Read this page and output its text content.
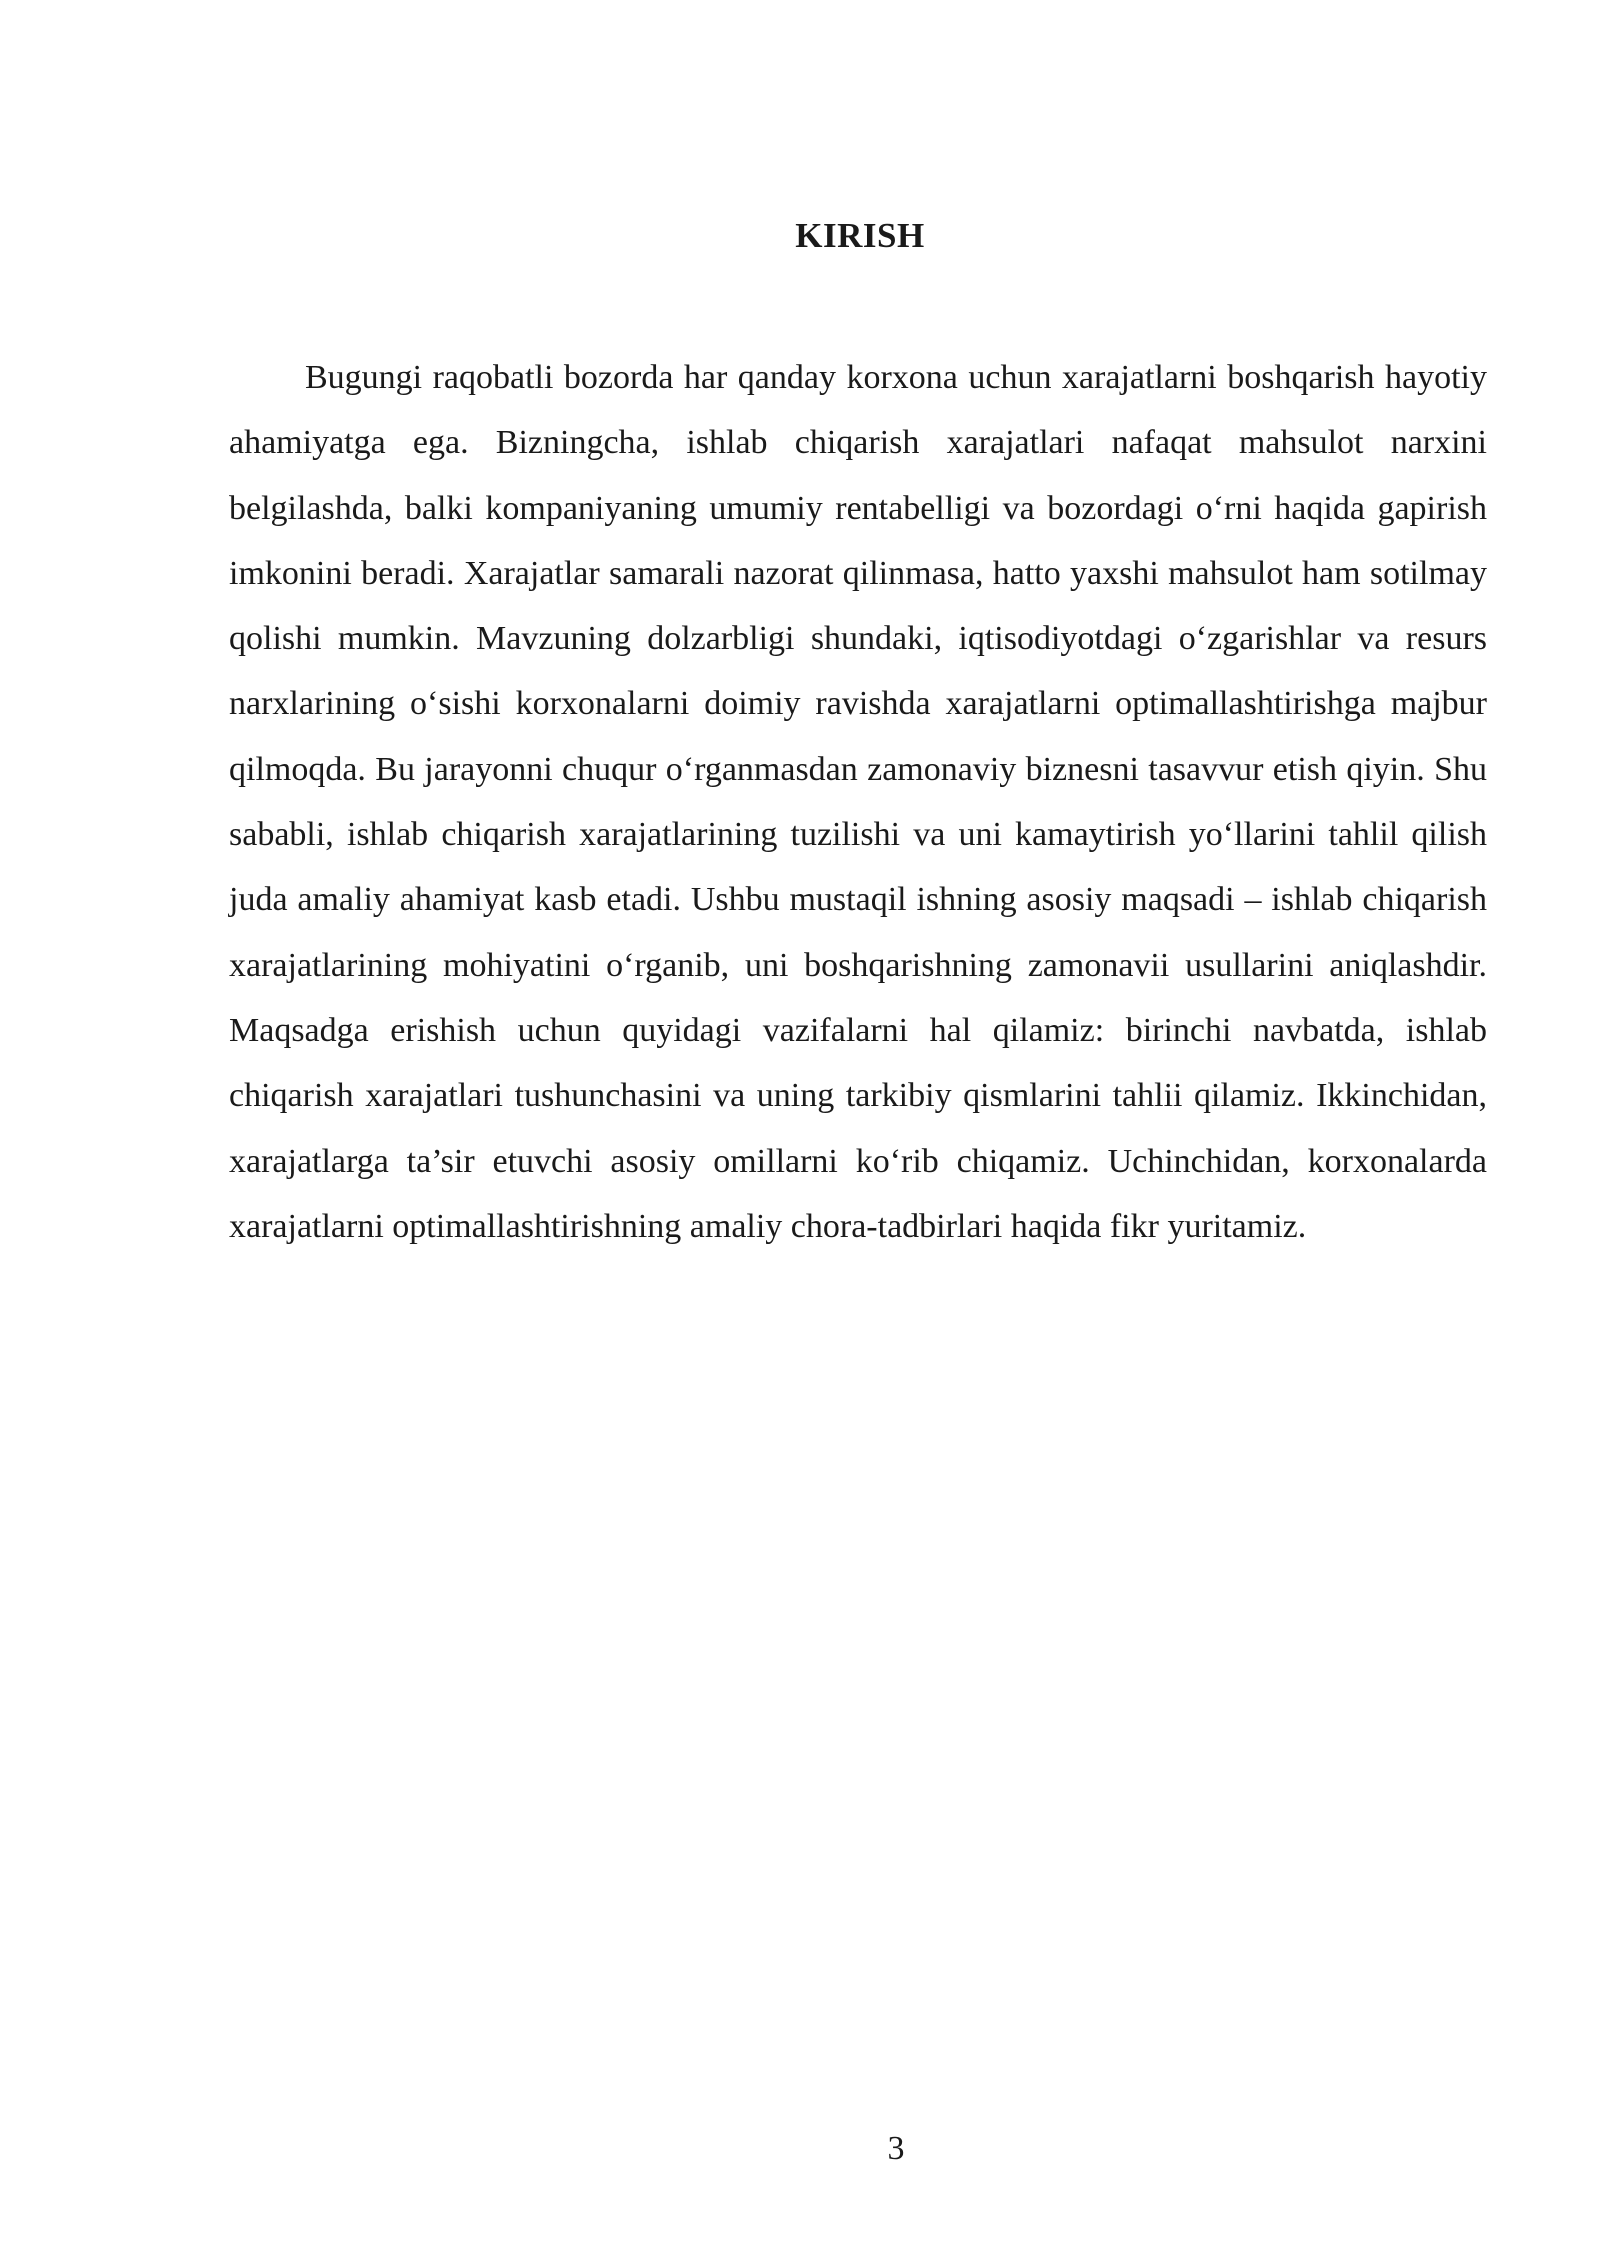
KIRISH

Bugungi raqobatli bozorda har qanday korxona uchun xarajatlarni boshqarish hayotiy ahamiyatga ega. Bizningcha, ishlab chiqarish xarajatlari nafaqat mahsulot narxini belgilashda, balki kompaniyaning umumiy rentabelligi va bozordagi o‘rni haqida gapirish imkonini beradi. Xarajatlar samarali nazorat qilinmasa, hatto yaxshi mahsulot ham sotilmay qolishi mumkin. Mavzuning dolzarbligi shundaki, iqtisodiyotdagi o‘zgarishlar va resurs narxlarining o‘sishi korxonalarni doimiy ravishda xarajatlarni optimallashtirishga majbur qilmoqda. Bu jarayonni chuqur o‘rganmasdan zamonaviy biznesni tasavvur etish qiyin. Shu sababli, ishlab chiqarish xarajatlarining tuzilishi va uni kamaytirish yo‘llarini tahlil qilish juda amaliy ahamiyat kasb etadi. Ushbu mustaqil ishning asosiy maqsadi – ishlab chiqarish xarajatlarining mohiyatini o‘rganib, uni boshqarishning zamonavii usullarini aniqlashdir. Maqsadga erishish uchun quyidagi vazifalarni hal qilamiz: birinchi navbatda, ishlab chiqarish xarajatlari tushunchasini va uning tarkibiy qismlarini tahlii qilamiz. Ikkinchidan, xarajatlarga ta’sir etuvchi asosiy omillarni ko‘rib chiqamiz. Uchinchidan, korxonalarda xarajatlarni optimallashtirishning amaliy chora-tadbirlari haqida fikr yuritamiz.

3
